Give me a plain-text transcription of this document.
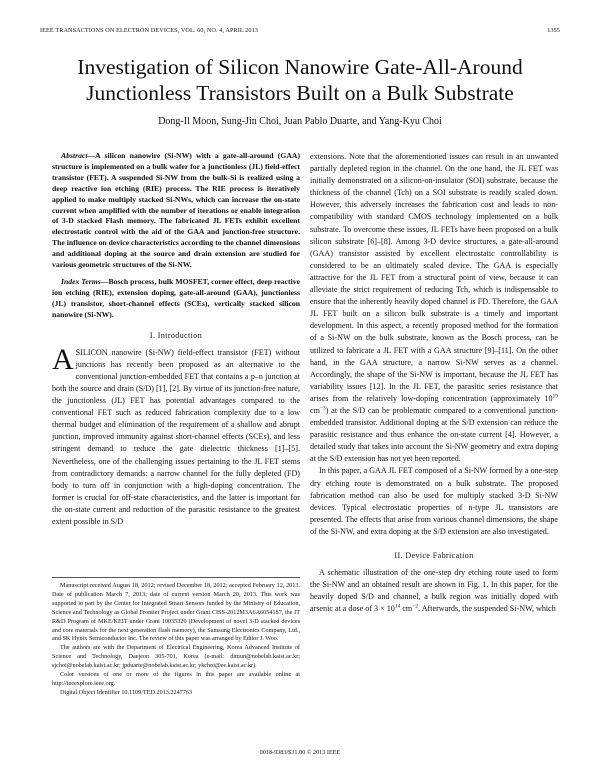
IEEE TRANSACTIONS ON ELECTRON DEVICES, VOL. 60, NO. 4, APRIL 2013	1355
Investigation of Silicon Nanowire Gate-All-Around
Junctionless Transistors Built on a Bulk Substrate
Dong-Il Moon, Sung-Jin Choi, Juan Pablo Duarte, and Yang-Kyu Choi

Abstract—A silicon nanowire (Si-NW) with a gate-all-around (GAA) structure is implemented on a bulk wafer for a junctionless (JL) field-effect transistor (FET). A suspended Si-NW from the bulk-Si is realized using a deep reactive ion etching (RIE) process. The RIE process is iteratively applied to make multiply stacked Si-NWs, which can increase the on-state current when amplified with the number of iterations or enable integration of 3-D stacked Flash memory. The fabricated JL FETs exhibit excellent electrostatic control with the aid of the GAA and junction-free structure. The influence on device characteristics according to the channel dimensions and additional doping at the source and drain extension are studied for various geometric structures of the Si-NW.

Index Terms—Bosch process, bulk MOSFET, corner effect, deep reactive ion etching (RIE), extension doping, gate-all-around (GAA), junctionless (JL) transistor, short-channel effects (SCEs), vertically stacked silicon nanowire (Si-NW).

I. Introduction

ASILICON nanowire (Si-NW) field-effect transistor (FET) without junctions has recently been proposed as an alternative to the conventional junction-embedded FET that contains a p–n junction at both the source and drain (S/D) [1], [2]. By virtue of its junction-free nature, the junctionless (JL) FET has potential advantages compared to the conventional FET such as reduced fabrication complexity due to a low thermal budget and elimination of the requirement of a shallow and abrupt junction, improved immunity against short-channel effects (SCEs), and less stringent demand to reduce the gate dielectric thickness [1]–[5]. Nevertheless, one of the challenging issues pertaining to the JL FET stems from contradictory demands: a narrow channel for the fully depleted (FD) body to turn off in conjunction with a high-doping concentration. The former is crucial for off-state characteristics, and the latter is important for the on-state current and reduction of the parasitic resistance to the greatest extent possible in S/D

Manuscript received August 18, 2012; revised December 18, 2012; accepted February 12, 2013. Date of publication March 7, 2013; date of current version March 20, 2013. This work was supported in part by the Center for Integrated Smart Sensors funded by the Ministry of Education, Science and Technology as Global Frontier Project under Grant CISS-2012M3A6A6054187, the IT R&D Program of MKE/KEIT under Grant 10035320 (Development of novel 3-D stacked devices and core materials for the next generation flash memory), the Samsung Electronics Company, Ltd., and SK Hynix Semiconductor Inc. The review of this paper was arranged by Editor J. Woo.

The authors are with the Department of Electrical Engineering, Korea Advanced Institute of Science and Technology, Daejeon 305-701, Korea (e-mail: dimun@nobelab.kaist.ac.kr; sjchoi@nobelab.kaist.ac.kr; jpduarte@nobelab.kaist.ac.kr; ykchoi@ee.kaist.ac.kr).

Color versions of one or more of the figures in this paper are available online at http://ieeexplore.ieee.org.

Digital Object Identifier 10.1109/TED.2013.2247763

extensions. Note that the aforementioned issues can result in an unwanted partially depleted region in the channel. On the one hand, the JL FET was initially demonstrated on a silicon-on-insulator (SOI) substrate, because the thickness of the channel (Tch) on a SOI substrate is readily scaled down. However, this adversely increases the fabrication cost and leads to non-compatibility with standard CMOS technology implemented on a bulk substrate. To overcome these issues, JL FETs have been proposed on a bulk silicon substrate [6]–[8]. Among 3-D device structures, a gate-all-around (GAA) transistor assisted by excellent electrostatic controllability is considered to be an ultimately scaled device. The GAA is especially attractive for the JL FET from a structural point of view, because it can alleviate the strict requirement of reducing Tch, which is indispensable to ensure that the inherently heavily doped channel is FD. Therefore, the GAA JL FET built on a silicon bulk substrate is a timely and important development. In this aspect, a recently proposed method for the formation of a Si-NW on the bulk substrate, known as the Bosch process, can be utilized to fabricate a JL FET with a GAA structure [9]–[11]. On the other hand, in the GAA structure, a narrow Si-NW serves as a channel. Accordingly, the shape of the Si-NW is important, because the JL FET has variability issues [12]. In the JL FET, the parasitic series resistance that arises from the relatively low-doping concentration (approximately $10^{19}$ $cm^{-3}$) at the S/D can be problematic compared to a conventional junction-embedded transistor. Additional doping at the S/D extension can reduce the parasitic resistance and thus enhance the on-state current [4]. However, a detailed study that takes into account the Si-NW geometry and extra doping at the S/D extension has not yet been reported.

In this paper, a GAA JL FET composed of a Si-NW formed by a one-step dry etching route is demonstrated on a bulk substrate. The proposed fabrication method can also be used for multiply stacked 3-D Si-NW devices. Typical electrostatic properties of n-type JL transistors are presented. The effects that arise from various channel dimensions, the shape of the Si-NW, and extra doping at the S/D extension are also investigated.

II. Device Fabrication

A schematic illustration of the one-step dry etching route used to form the Si-NW and an obtained result are shown in Fig. 1. In this paper, for the heavily doped S/D and channel, a bulk region was initially doped with arsenic at a dose of $3 \times 10^{14}$ $cm^{-2}$. Afterwards, the suspended Si-NW, which

0018-9383/$31.00 © 2013 IEEE
